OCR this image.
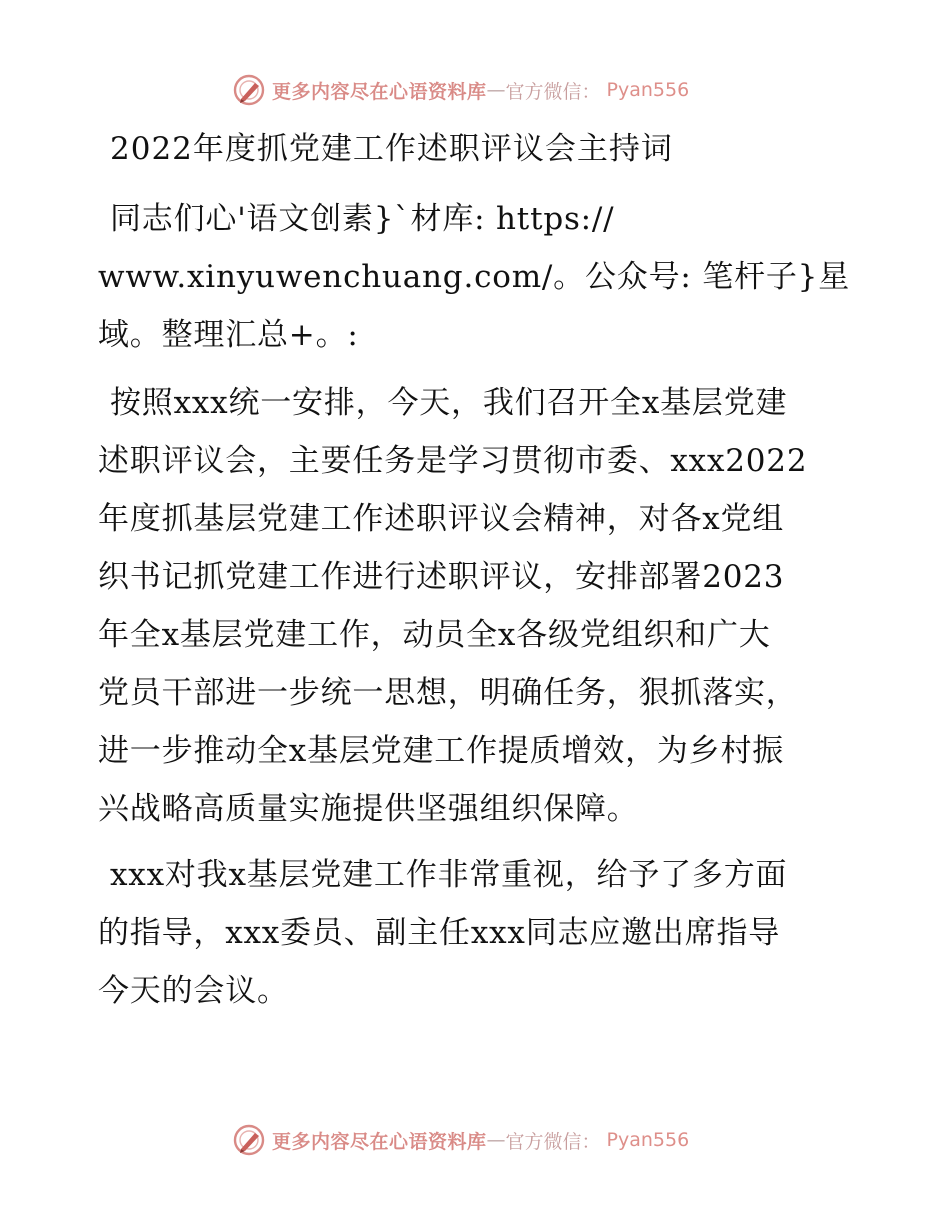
更多内容尽在心语资料库 — 官方微信： Pyan556
2022年度抓党建工作述职评议会主持词

同志们心'语文创素}`材库: https://
www.xinyuwenchuang.com/。公众号: 笔杆子}星
域。整理汇总+。:

按照xxx统一安排，今天，我们召开全x基层党建
述职评议会，主要任务是学习贯彻市委、xxx2022
年度抓基层党建工作述职评议会精神，对各x党组
织书记抓党建工作进行述职评议，安排部署2023
年全x基层党建工作，动员全x各级党组织和广大
党员干部进一步统一思想，明确任务，狠抓落实，
进一步推动全x基层党建工作提质增效，为乡村振
兴战略高质量实施提供坚强组织保障。

xxx对我x基层党建工作非常重视，给予了多方面
的指导，xxx委员、副主任xxx同志应邀出席指导
今天的会议。

更多内容尽在心语资料库 — 官方微信： Pyan556
